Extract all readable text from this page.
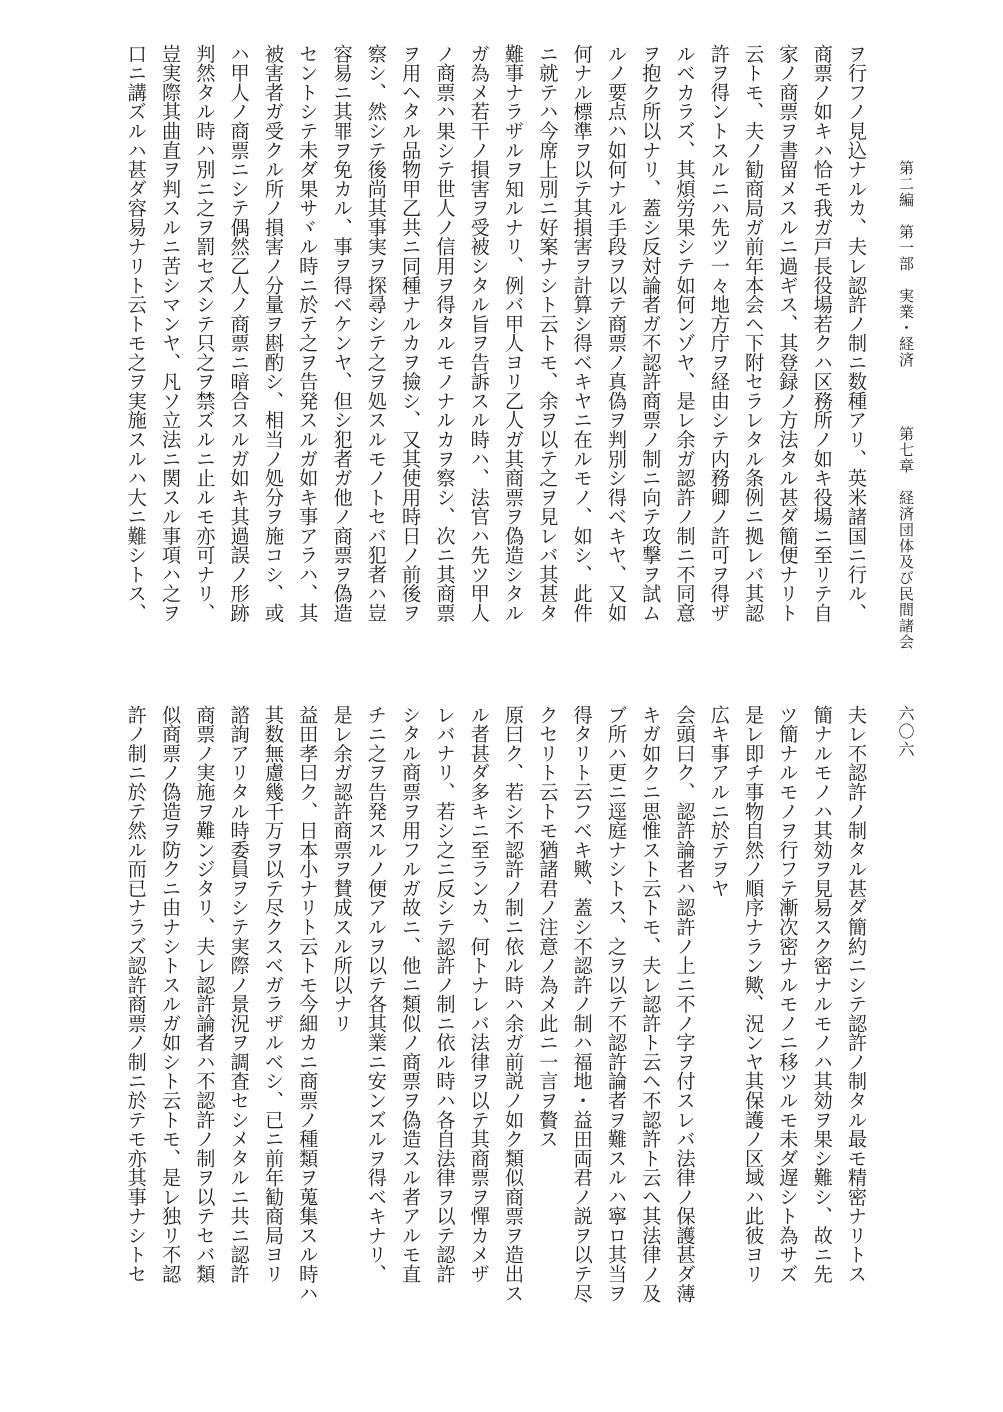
第二編　第一部　実業・経済
第七章　経済団体及び民間諸会
六〇六
ヲ行フノ見込ナルカ、夫レ認許ノ制ニ数種アリ、英米諸国ニ行ル、
商票ノ如キハ恰モ我ガ戸長役場若クハ区務所ノ如キ役場ニ至リテ自
家ノ商票ヲ書留メスルニ過ギス、其登録ノ方法タル甚ダ簡便ナリト
云トモ、夫ノ勧商局ガ前年本会ヘ下附セラレタル条例ニ拠レバ其認
許ヲ得ントスルニハ先ツ一々地方庁ヲ経由シテ内務卿ノ許可ヲ得ザ
ルベカラズ、其煩労果シテ如何ンゾヤ、是レ余ガ認許ノ制ニ不同意
ヲ抱ク所以ナリ、蓋シ反対論者ガ不認許商票ノ制ニ向テ攻撃ヲ試ム
ルノ要点ハ如何ナル手段ヲ以テ商票ノ真偽ヲ判別シ得ベキヤ、又如
何ナル標準ヲ以テ其損害ヲ計算シ得ベキヤニ在ルモノ、如シ、此件
ニ就テハ今席上別ニ好案ナシト云トモ、余ヲ以テ之ヲ見レバ其甚タ
難事ナラザルヲ知ルナリ、例バ甲人ヨリ乙人ガ其商票ヲ偽造シタル
ガ為メ若干ノ損害ヲ受被シタル旨ヲ告訴スル時ハ、法官ハ先ツ甲人
ノ商票ハ果シテ世人ノ信用ヲ得タルモノナルカヲ察シ、次ニ其商票
ヲ用ヘタル品物甲乙共ニ同種ナルカヲ撿シ、又其使用時日ノ前後ヲ
察シ、然シテ後尚其事実ヲ探尋シテ之ヲ処スルモノトセバ犯者ハ豈
容易ニ其罪ヲ免カル、事ヲ得ベケンヤ、但シ犯者ガ他ノ商票ヲ偽造
セントシテ未ダ果サヾル時ニ於テ之ヲ告発スルガ如キ事アラハ、其
被害者ガ受クル所ノ損害ノ分量ヲ斟酌シ、相当ノ処分ヲ施コシ、或
ハ甲人ノ商票ニシテ偶然乙人ノ商票ニ暗合スルガ如キ其過誤ノ形跡
判然タル時ハ別ニ之ヲ罰セズシテ只之ヲ禁ズルニ止ルモ亦可ナリ、
豈実際其曲直ヲ判スルニ苦シマンヤ、凡ソ立法ニ関スル事項ハ之ヲ
口ニ講ズルハ甚ダ容易ナリト云トモ之ヲ実施スルハ大ニ難シトス、
夫レ不認許ノ制タル甚ダ簡約ニシテ認許ノ制タル最モ精密ナリトス
簡ナルモノハ其効ヲ見易スク密ナルモノハ其効ヲ果シ難シ、故ニ先
ツ簡ナルモノヲ行フテ漸次密ナルモノニ移ツルモ未ダ遅シト為サズ
是レ即チ事物自然ノ順序ナラン歟、況ンヤ其保護ノ区域ハ此彼ヨリ
広キ事アルニ於テヲヤ
会頭曰ク、認許論者ハ認許ノ上ニ不ノ字ヲ付スレバ法律ノ保護甚ダ薄
キガ如クニ思惟スト云トモ、夫レ認許ト云ヘ不認許ト云ヘ其法律ノ及
ブ所ハ更ニ逕庭ナシトス、之ヲ以テ不認許論者ヲ難スルハ寧ロ其当ヲ
得タリト云フベキ歟、蓋シ不認許ノ制ハ福地・益田両君ノ説ヲ以テ尽
クセリト云トモ猶諸君ノ注意ノ為メ此ニ一言ヲ贅ス
原曰ク、若シ不認許ノ制ニ依ル時ハ余ガ前説ノ如ク類似商票ヲ造出ス
ル者甚ダ多キニ至ランカ、何トナレバ法律ヲ以テ其商票ヲ憚カメザ
レバナリ、若シ之ニ反シテ認許ノ制ニ依ル時ハ各自法律ヲ以テ認許
シタル商票ヲ用フルガ故ニ、他ニ類似ノ商票ヲ偽造スル者アルモ直
チニ之ヲ告発スルノ便アルヲ以テ各其業ニ安ンズルヲ得ベキナリ、
是レ余ガ認許商票ヲ賛成スル所以ナリ
益田孝曰ク、日本小ナリト云トモ今細カニ商票ノ種類ヲ蒐集スル時ハ
其数無慮幾千万ヲ以テ尽クスベガラザルベシ、已ニ前年勧商局ヨリ
諮詢アリタル時委員ヲシテ実際ノ景況ヲ調査セシメタルニ共ニ認許
商票ノ実施ヲ難ンジタリ、夫レ認許論者ハ不認許ノ制ヲ以テセバ類
似商票ノ偽造ヲ防クニ由ナシトスルガ如シト云トモ、是レ独リ不認
許ノ制ニ於テ然ル而已ナラズ認許商票ノ制ニ於テモ亦其事ナシトセ
